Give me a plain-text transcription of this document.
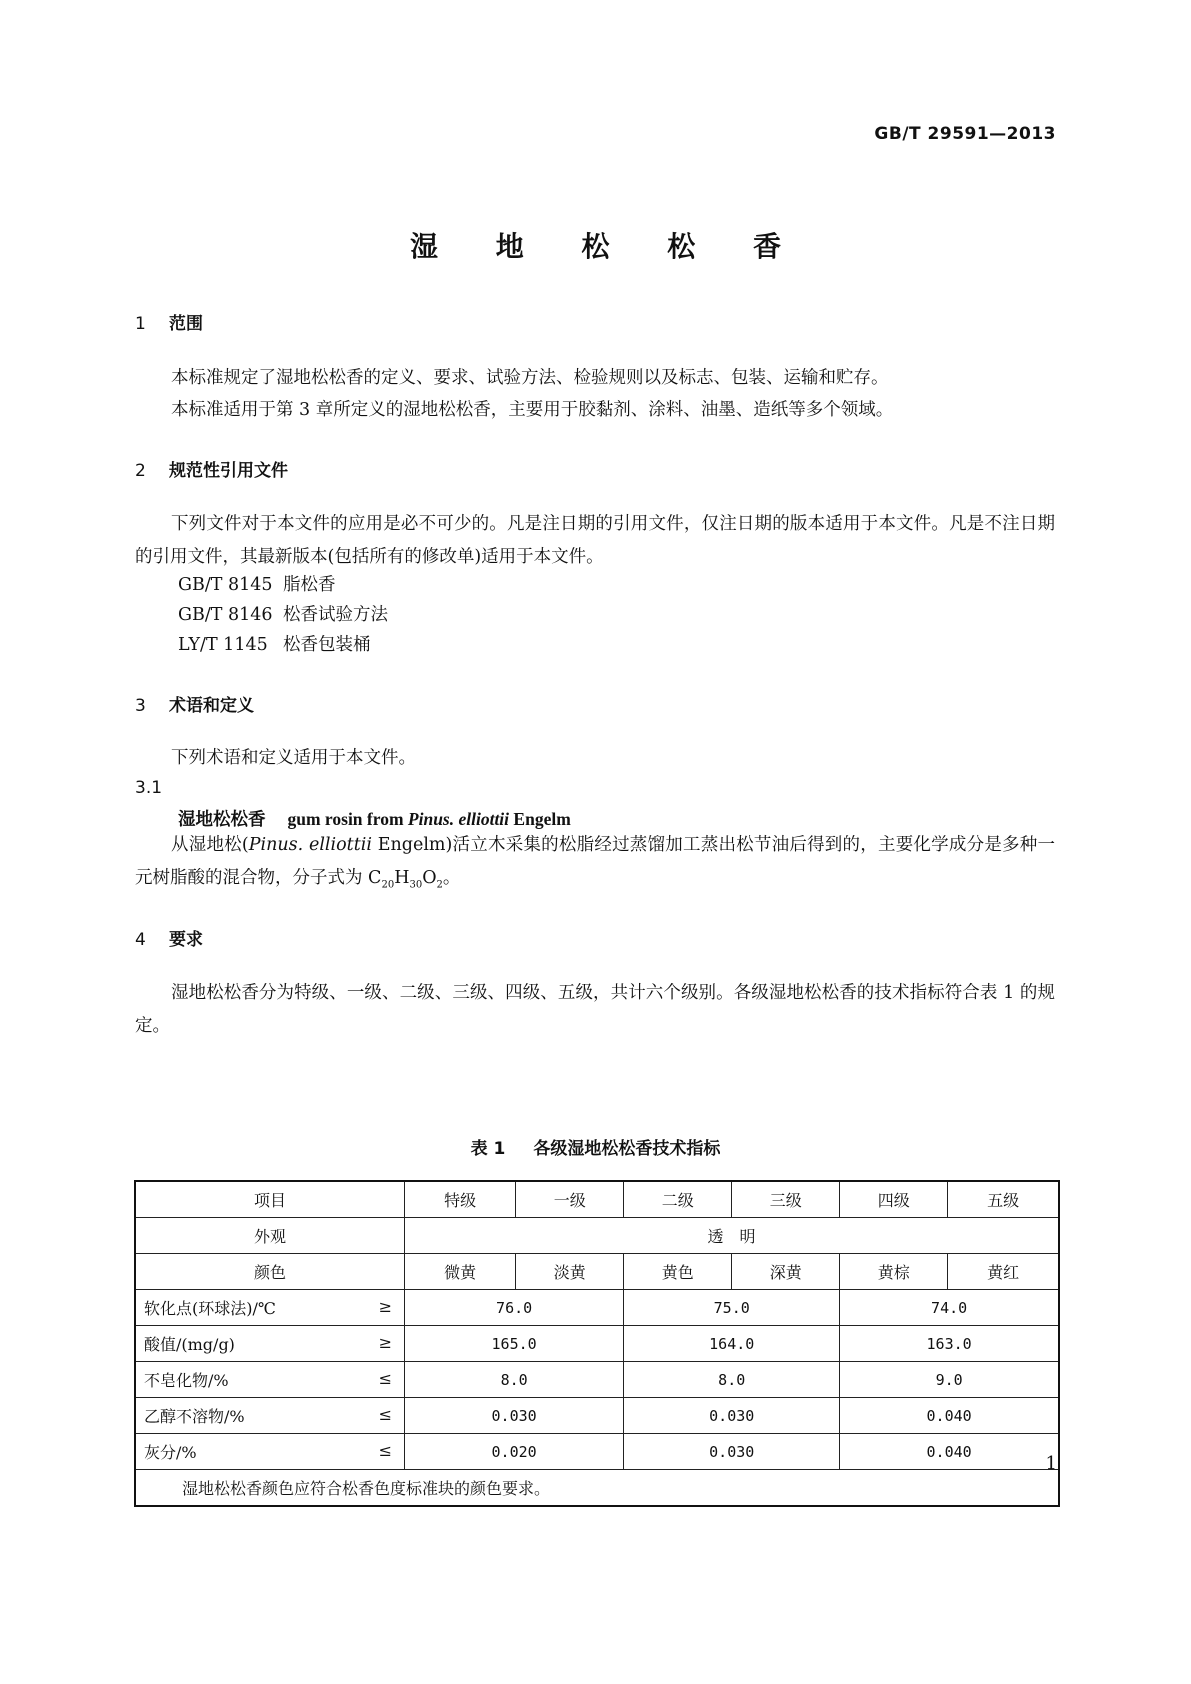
GB/T 29591—2013
湿 地 松 松 香
1 范围
本标准规定了湿地松松香的定义、要求、试验方法、检验规则以及标志、包装、运输和贮存。
本标准适用于第 3 章所定义的湿地松松香，主要用于胶黏剂、涂料、油墨、造纸等多个领域。
2 规范性引用文件
下列文件对于本文件的应用是必不可少的。凡是注日期的引用文件，仅注日期的版本适用于本文件。凡是不注日期的引用文件，其最新版本(包括所有的修改单)适用于本文件。
GB/T 8145 脂松香
GB/T 8146 松香试验方法
LY/T 1145 松香包装桶
3 术语和定义
下列术语和定义适用于本文件。
3.1
湿地松松香 gum rosin from Pinus. elliottii Engelm
从湿地松(Pinus. elliottii Engelm)活立木采集的松脂经过蒸馏加工蒸出松节油后得到的，主要化学成分是多种一元树脂酸的混合物，分子式为 $C_{20}H_{30}O_2$。
4 要求
湿地松松香分为特级、一级、二级、三级、四级、五级，共计六个级别。各级湿地松松香的技术指标符合表 1 的规定。
表 1 各级湿地松松香技术指标
项目	特级	一级	二级	三级	四级	五级
外观	透　明					
颜色	微黄	淡黄	黄色	深黄	黄棕	黄红
软化点(环球法)/℃ ≥	76.0		75.0		74.0	
酸值/(mg/g) ≥	165.0		164.0		163.0	
不皂化物/% ≤	8.0		8.0		9.0	
乙醇不溶物/% ≤	0.030		0.030		0.040	
灰分/% ≤	0.020		0.030		0.040	
湿地松松香颜色应符合松香色度标准块的颜色要求。						
1
